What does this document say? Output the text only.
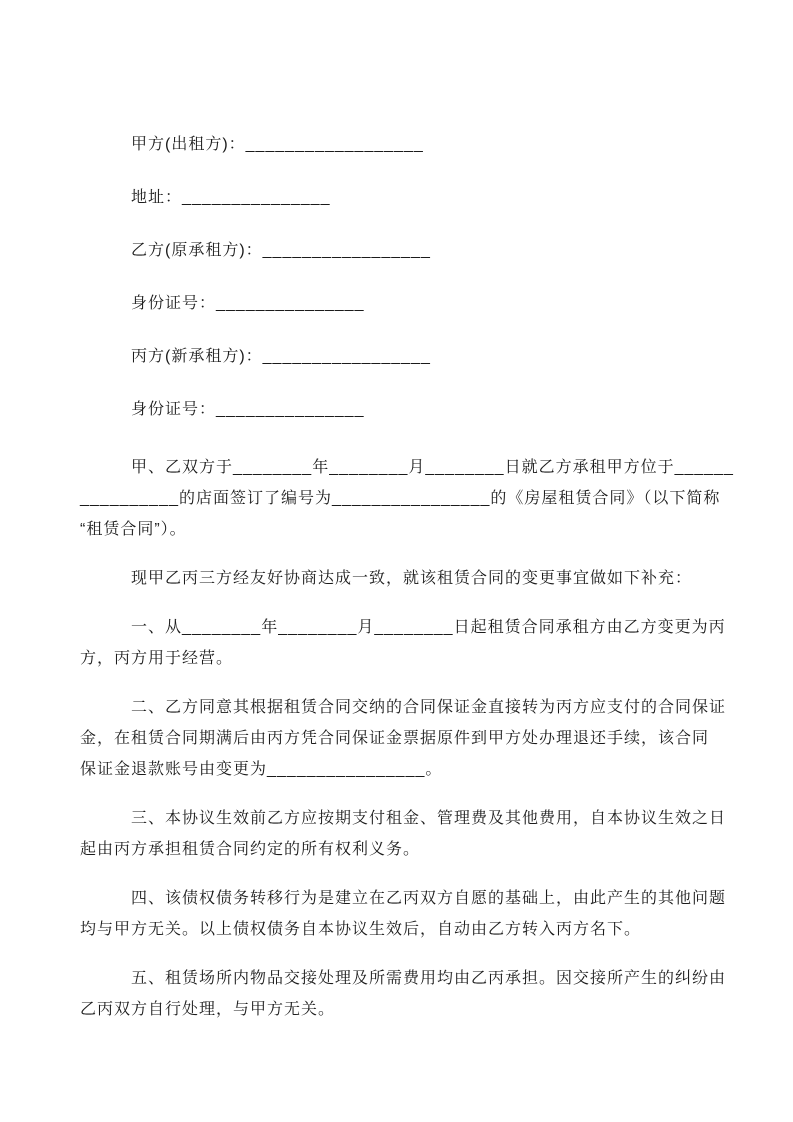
甲方(出租方)：__________________

地址：_______________

乙方(原承租方)：_________________

身份证号：_______________

丙方(新承租方)：_________________

身份证号：_______________

甲、乙双方于________年________月________日就乙方承租甲方位于______
__________的店面签订了编号为________________的《房屋租赁合同》（以下简称
“租赁合同”）。
现甲乙丙三方经友好协商达成一致，就该租赁合同的变更事宜做如下补充：
一、从________年________月________日起租赁合同承租方由乙方变更为丙
方，丙方用于经营。
二、乙方同意其根据租赁合同交纳的合同保证金直接转为丙方应支付的合同保证
金，在租赁合同期满后由丙方凭合同保证金票据原件到甲方处办理退还手续，该合同
保证金退款账号由变更为________________。
三、本协议生效前乙方应按期支付租金、管理费及其他费用，自本协议生效之日
起由丙方承担租赁合同约定的所有权利义务。
四、该债权债务转移行为是建立在乙丙双方自愿的基础上，由此产生的其他问题
均与甲方无关。以上债权债务自本协议生效后，自动由乙方转入丙方名下。
五、租赁场所内物品交接处理及所需费用均由乙丙承担。因交接所产生的纠纷由
乙丙双方自行处理，与甲方无关。
